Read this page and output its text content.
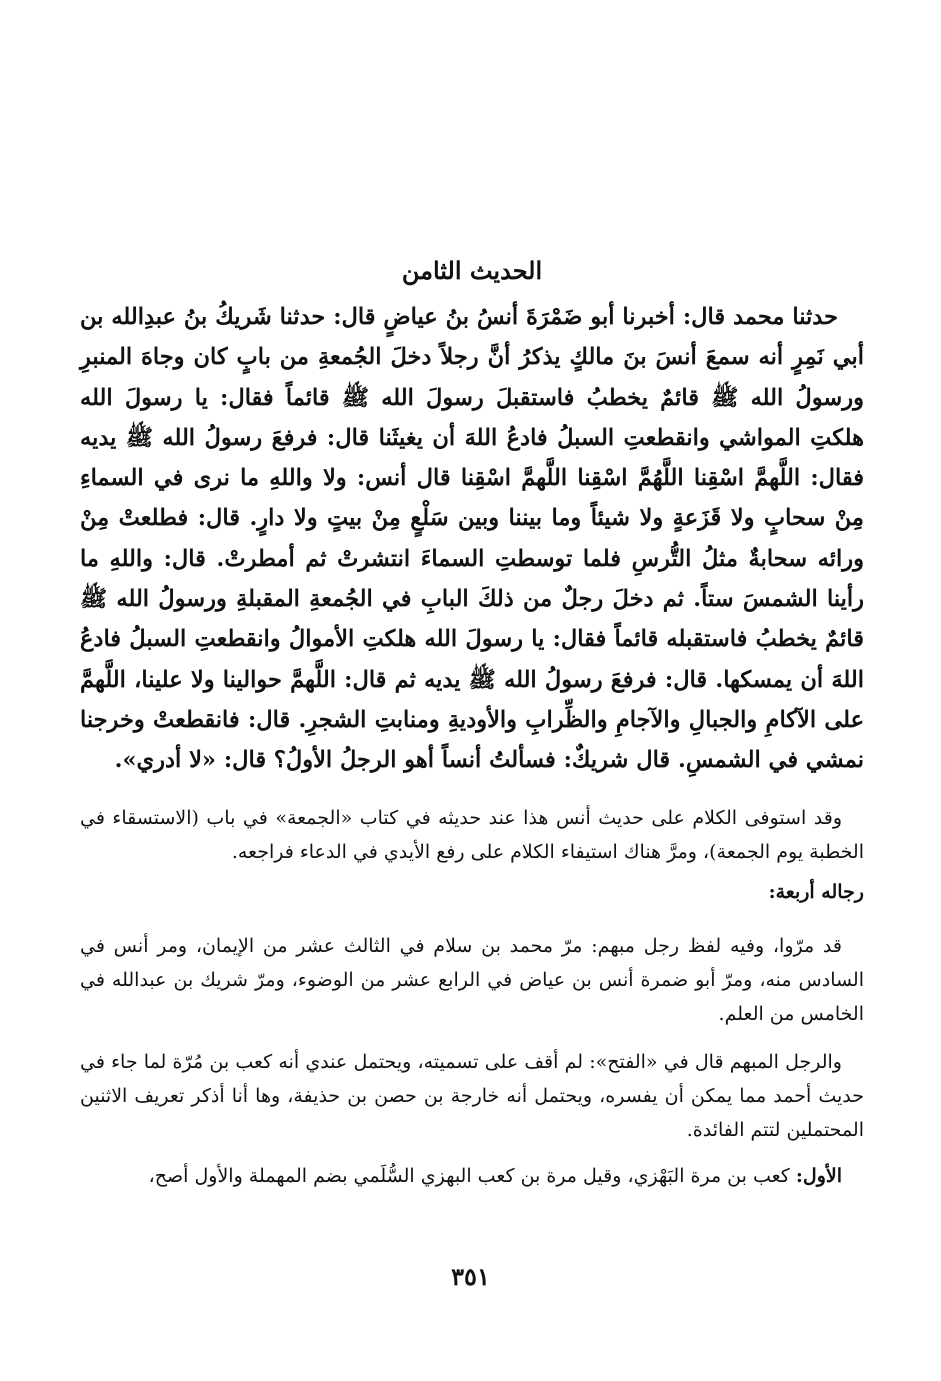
الحديث الثامن

حدثنا محمد قال: أخبرنا أبو ضَمْرَةَ أنسُ بنُ عياضٍ قال: حدثنا شَريكُ بنُ عبدِالله بن أبي نَمِرٍ أنه سمعَ أنسَ بنَ مالكٍ يذكرُ أنَّ رجلاً دخلَ الجُمعةِ من بابٍ كان وجاهَ المنبرِ ورسولُ الله ﷺ قائمٌ يخطبُ فاستقبلَ رسولَ الله ﷺ قائماً فقال: يا رسولَ الله هلكتِ المواشي وانقطعتِ السبلُ فادعُ اللهَ أن يغيثَنا قال: فرفعَ رسولُ الله ﷺ يديه فقال: اللَّهمَّ اسْقِنا اللَّهُمَّ اسْقِنا اللَّهمَّ اسْقِنا قال أنس: ولا واللهِ ما نرى في السماءِ مِنْ سحابٍ ولا قَزَعةٍ ولا شيئاً وما بيننا وبين سَلْعٍ مِنْ بيتٍ ولا دارٍ. قال: فطلعتْ مِنْ ورائه سحابةٌ مثلُ التُّرسِ فلما توسطتِ السماءَ انتشرتْ ثم أمطرتْ. قال: واللهِ ما رأينا الشمسَ ستاً. ثم دخلَ رجلٌ من ذلكَ البابِ في الجُمعةِ المقبلةِ ورسولُ الله ﷺ قائمٌ يخطبُ فاستقبله قائماً فقال: يا رسولَ الله هلكتِ الأموالُ وانقطعتِ السبلُ فادعُ اللهَ أن يمسكها. قال: فرفعَ رسولُ الله ﷺ يديه ثم قال: اللَّهمَّ حوالينا ولا علينا، اللَّهمَّ على الآكامِ والجبالِ والآجامِ والظِّرابِ والأوديةِ ومنابتِ الشجرِ. قال: فانقطعتْ وخرجنا نمشي في الشمسِ. قال شريكٌ: فسألتُ أنساً أهو الرجلُ الأولُ؟ قال: «لا أدري».

وقد استوفى الكلام على حديث أنس هذا عند حديثه في كتاب «الجمعة» في باب (الاستسقاء في الخطبة يوم الجمعة)، ومرَّ هناك استيفاء الكلام على رفع الأيدي في الدعاء فراجعه.

رجاله أربعة:

قد مرّوا، وفيه لفظ رجل مبهم: مرّ محمد بن سلام في الثالث عشر من الإيمان، ومر أنس في السادس منه، ومرّ أبو ضمرة أنس بن عياض في الرابع عشر من الوضوء، ومرّ شريك بن عبدالله في الخامس من العلم.

والرجل المبهم قال في «الفتح»: لم أقف على تسميته، ويحتمل عندي أنه كعب بن مُرّة لما جاء في حديث أحمد مما يمكن أن يفسره، ويحتمل أنه خارجة بن حصن بن حذيفة، وها أنا أذكر تعريف الاثنين المحتملين لتتم الفائدة.

الأول: كعب بن مرة البَهْزي، وقيل مرة بن كعب البهزي السُّلَمي بضم المهملة والأول أصح،

٣٥١
